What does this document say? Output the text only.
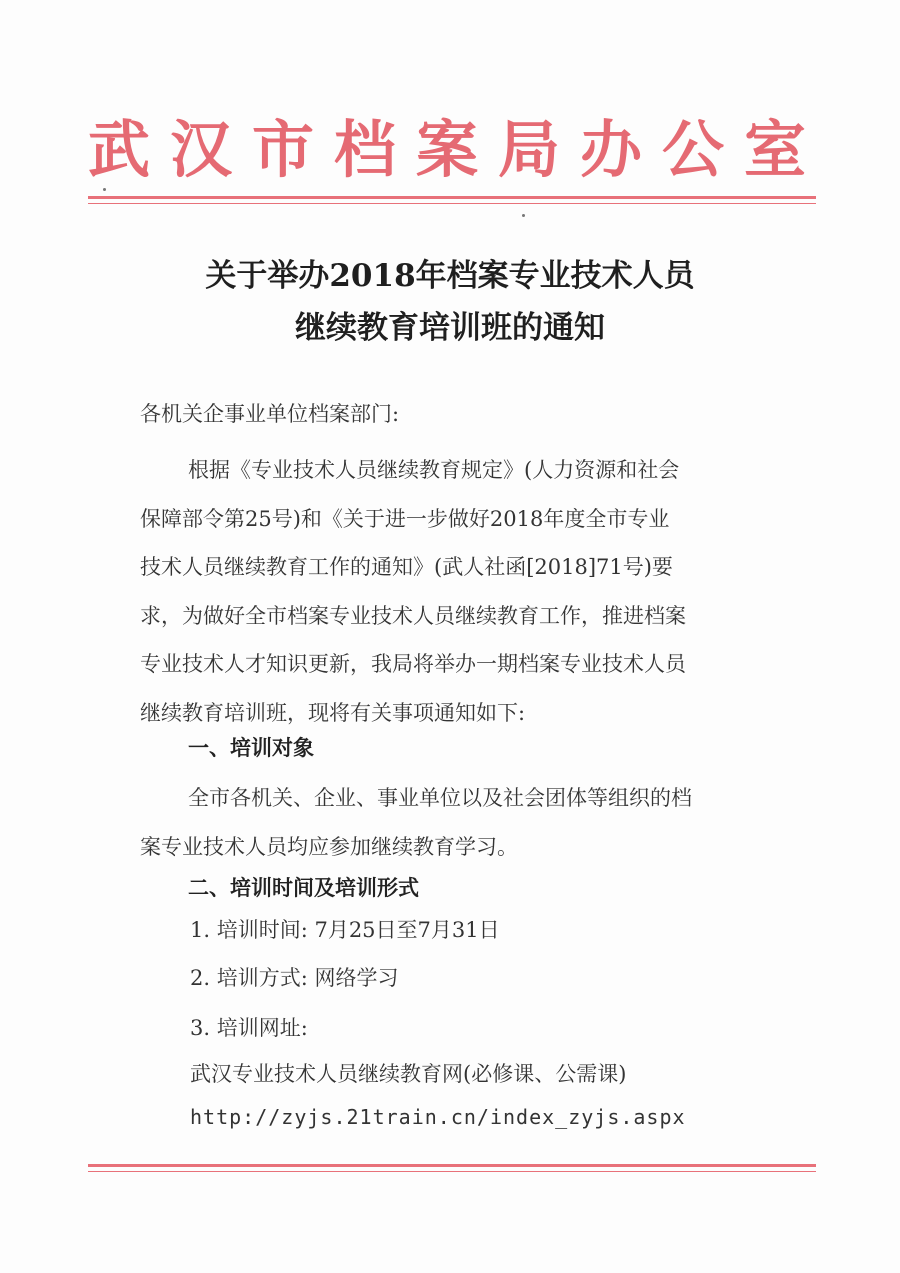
武汉市档案局办公室
关于举办2018年档案专业技术人员
继续教育培训班的通知
各机关企事业单位档案部门:
根据《专业技术人员继续教育规定》(人力资源和社会
保障部令第25号)和《关于进一步做好2018年度全市专业
技术人员继续教育工作的通知》(武人社函[2018]71号)要
求，为做好全市档案专业技术人员继续教育工作，推进档案
专业技术人才知识更新，我局将举办一期档案专业技术人员
继续教育培训班，现将有关事项通知如下:
一、培训对象
全市各机关、企业、事业单位以及社会团体等组织的档
案专业技术人员均应参加继续教育学习。
二、培训时间及培训形式
1. 培训时间: 7月25日至7月31日
2. 培训方式: 网络学习
3. 培训网址:
武汉专业技术人员继续教育网(必修课、公需课)
http://zyjs.21train.cn/index_zyjs.aspx
